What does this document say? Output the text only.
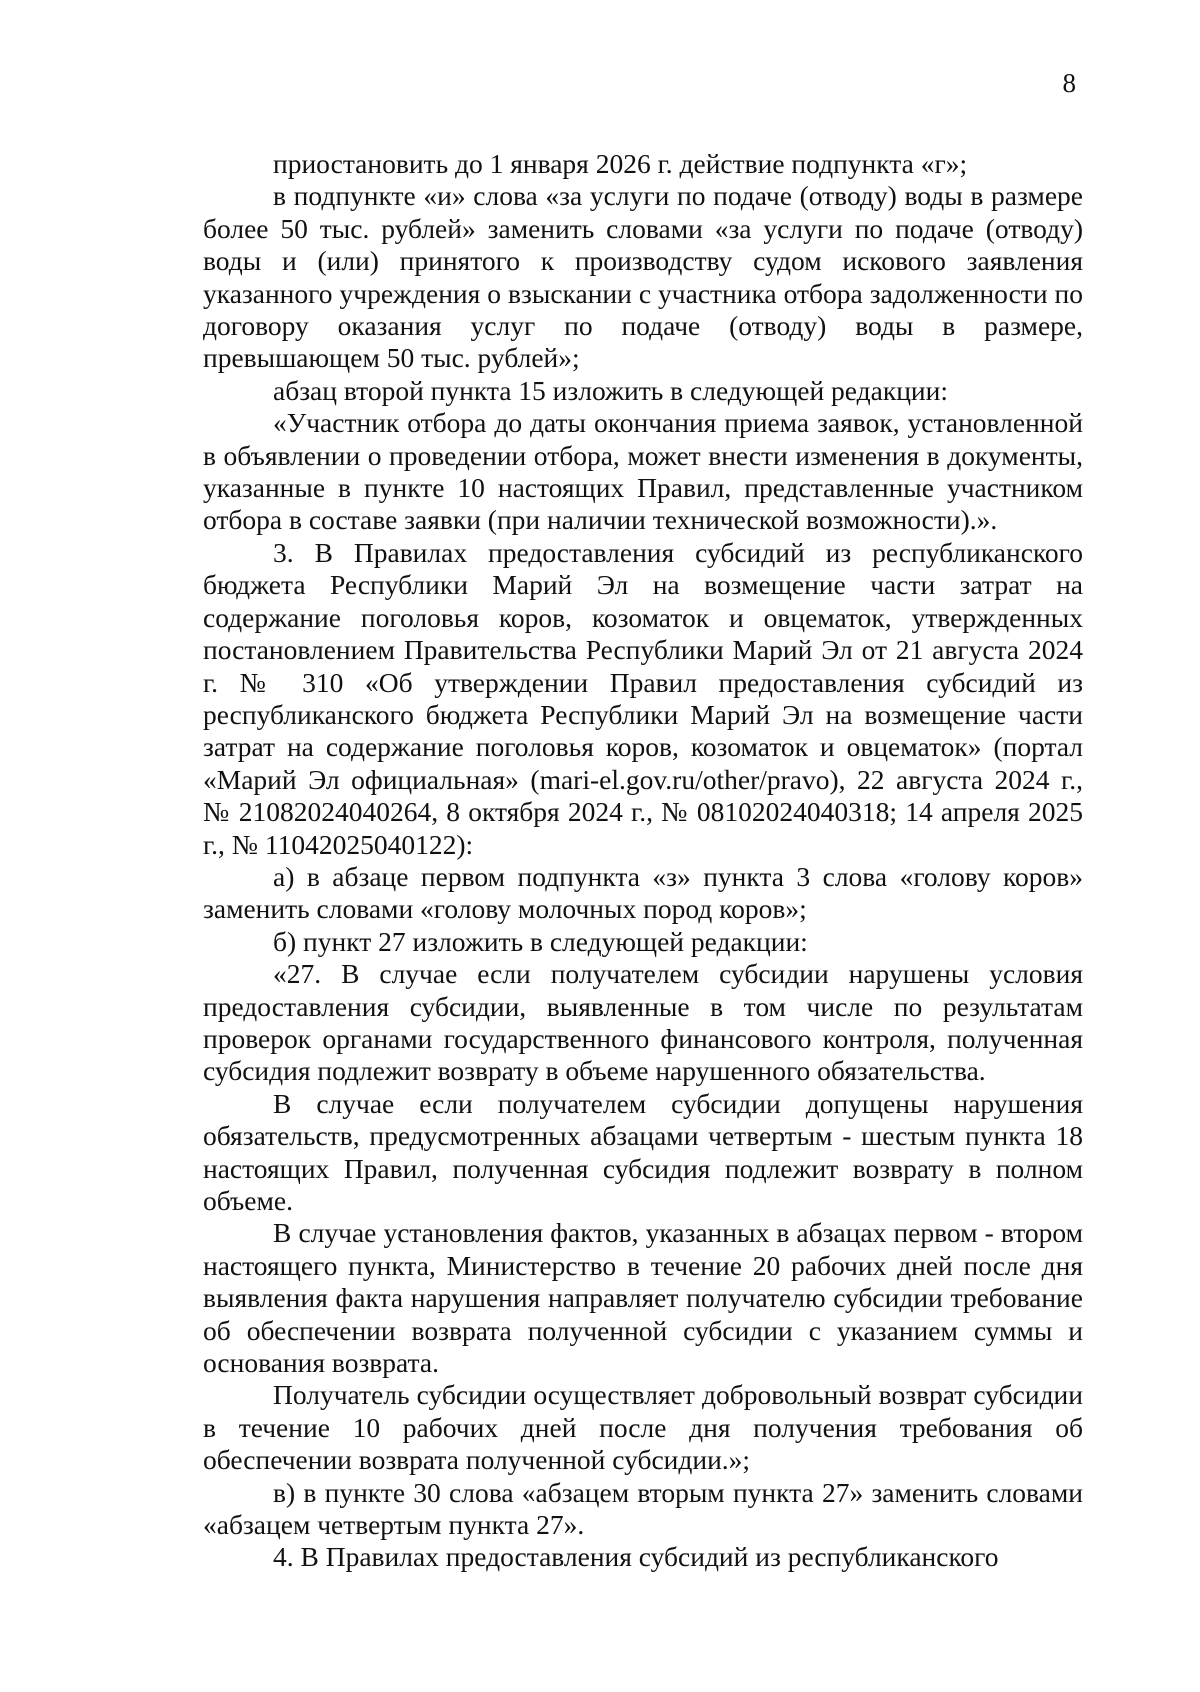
8

приостановить до 1 января 2026 г. действие подпункта «г»;

в подпункте «и» слова «за услуги по подаче (отводу) воды в размере более 50 тыс. рублей» заменить словами «за услуги по подаче (отводу) воды и (или) принятого к производству судом искового заявления указанного учреждения о взыскании с участника отбора задолженности по договору оказания услуг по подаче (отводу) воды в размере, превышающем 50 тыс. рублей»;

абзац второй пункта 15 изложить в следующей редакции:

«Участник отбора до даты окончания приема заявок, установленной в объявлении о проведении отбора, может внести изменения в документы, указанные в пункте 10 настоящих Правил, представленные участником отбора в составе заявки (при наличии технической возможности).».

3. В Правилах предоставления субсидий из республиканского бюджета Республики Марий Эл на возмещение части затрат на содержание поголовья коров, козоматок и овцематок, утвержденных постановлением Правительства Республики Марий Эл от 21 августа 2024 г. № 310 «Об утверждении Правил предоставления субсидий из республиканского бюджета Республики Марий Эл на возмещение части затрат на содержание поголовья коров, козоматок и овцематок» (портал «Марий Эл официальная» (mari-el.gov.ru/other/pravo), 22 августа 2024 г., № 21082024040264, 8 октября 2024 г., № 08102024040318; 14 апреля 2025 г., № 11042025040122):

а) в абзаце первом подпункта «з» пункта 3 слова «голову коров» заменить словами «голову молочных пород коров»;

б) пункт 27 изложить в следующей редакции:

«27. В случае если получателем субсидии нарушены условия предоставления субсидии, выявленные в том числе по результатам проверок органами государственного финансового контроля, полученная субсидия подлежит возврату в объеме нарушенного обязательства.

В случае если получателем субсидии допущены нарушения обязательств, предусмотренных абзацами четвертым - шестым пункта 18 настоящих Правил, полученная субсидия подлежит возврату в полном объеме.

В случае установления фактов, указанных в абзацах первом - втором настоящего пункта, Министерство в течение 20 рабочих дней после дня выявления факта нарушения направляет получателю субсидии требование об обеспечении возврата полученной субсидии с указанием суммы и основания возврата.

Получатель субсидии осуществляет добровольный возврат субсидии в течение 10 рабочих дней после дня получения требования об обеспечении возврата полученной субсидии.»;

в) в пункте 30 слова «абзацем вторым пункта 27» заменить словами «абзацем четвертым пункта 27».

4. В Правилах предоставления субсидий из республиканского
